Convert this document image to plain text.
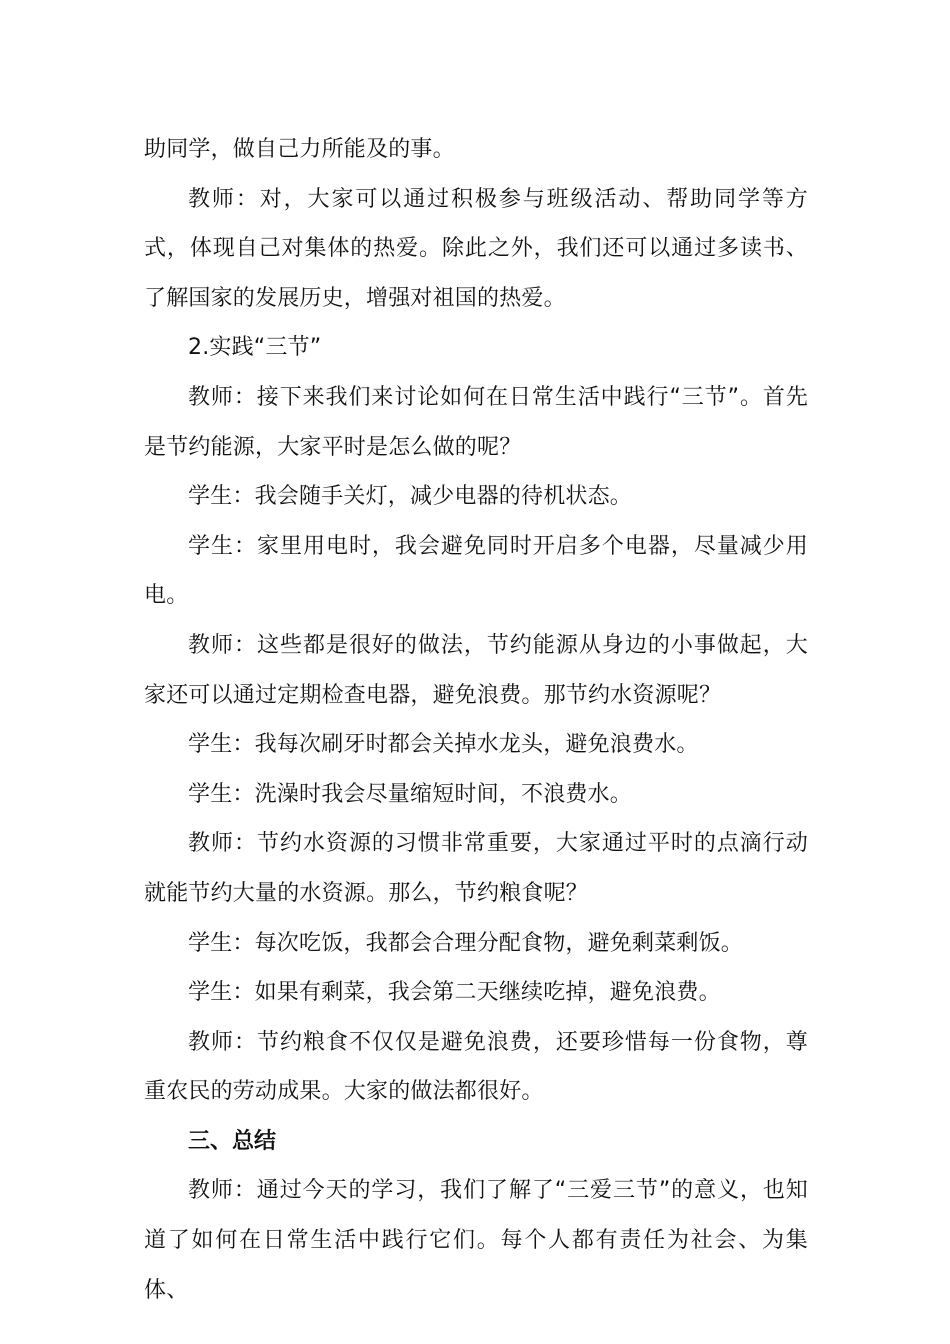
助同学，做自己力所能及的事。

教师：对，大家可以通过积极参与班级活动、帮助同学等方式，体现自己对集体的热爱。除此之外，我们还可以通过多读书、了解国家的发展历史，增强对祖国的热爱。

2.实践“三节”

教师：接下来我们来讨论如何在日常生活中践行“三节”。首先是节约能源，大家平时是怎么做的呢？

学生：我会随手关灯，减少电器的待机状态。

学生：家里用电时，我会避免同时开启多个电器，尽量减少用电。

教师：这些都是很好的做法，节约能源从身边的小事做起，大家还可以通过定期检查电器，避免浪费。那节约水资源呢？

学生：我每次刷牙时都会关掉水龙头，避免浪费水。

学生：洗澡时我会尽量缩短时间，不浪费水。

教师：节约水资源的习惯非常重要，大家通过平时的点滴行动就能节约大量的水资源。那么，节约粮食呢？

学生：每次吃饭，我都会合理分配食物，避免剩菜剩饭。

学生：如果有剩菜，我会第二天继续吃掉，避免浪费。

教师：节约粮食不仅仅是避免浪费，还要珍惜每一份食物，尊重农民的劳动成果。大家的做法都很好。

三、总结

教师：通过今天的学习，我们了解了“三爱三节”的意义，也知道了如何在日常生活中践行它们。每个人都有责任为社会、为集体、
